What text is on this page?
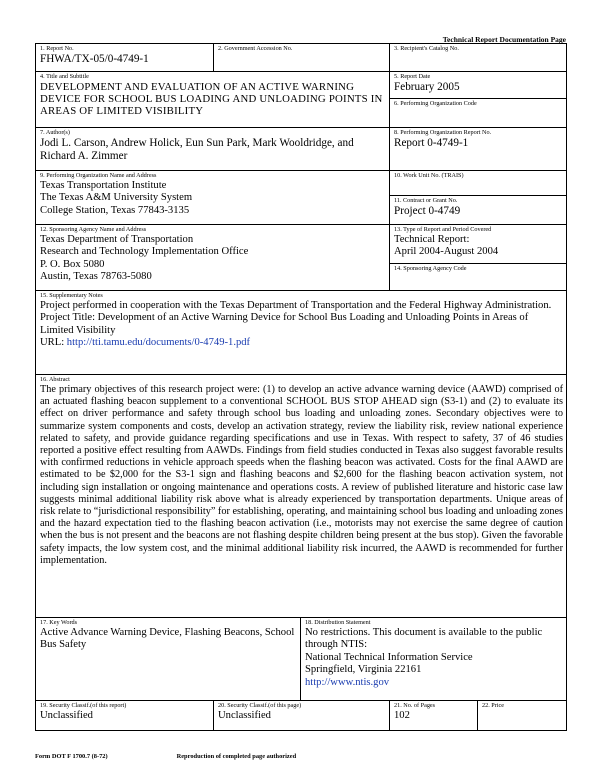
Technical Report Documentation Page
1. Report No.
FHWA/TX-05/0-4749-1
2. Government Accession No.	3. Recipient's Catalog No.
4. Title and Subtitle
DEVELOPMENT AND EVALUATION OF AN ACTIVE WARNING DEVICE FOR SCHOOL BUS LOADING AND UNLOADING POINTS IN AREAS OF LIMITED VISIBILITY
5. Report Date
February 2005
6. Performing Organization Code
7. Author(s)
Jodi L. Carson, Andrew Holick, Eun Sun Park, Mark Wooldridge, and Richard A. Zimmer
8. Performing Organization Report No.
Report 0-4749-1
9. Performing Organization Name and Address
Texas Transportation Institute
The Texas A&M University System
College Station, Texas 77843-3135
10. Work Unit No. (TRAIS)
11. Contract or Grant No.
Project 0-4749
12. Sponsoring Agency Name and Address
Texas Department of Transportation
Research and Technology Implementation Office
P. O. Box 5080
Austin, Texas 78763-5080
13. Type of Report and Period Covered
Technical Report:
April 2004-August 2004
14. Sponsoring Agency Code
15. Supplementary Notes
Project performed in cooperation with the Texas Department of Transportation and the Federal Highway Administration.
Project Title: Development of an Active Warning Device for School Bus Loading and Unloading Points in Areas of Limited Visibility
URL: http://tti.tamu.edu/documents/0-4749-1.pdf
16. Abstract

The primary objectives of this research project were: (1) to develop an active advance warning device (AAWD) comprised of an actuated flashing beacon supplement to a conventional SCHOOL BUS STOP AHEAD sign (S3-1) and (2) to evaluate its effect on driver performance and safety through school bus loading and unloading zones. Secondary objectives were to summarize system components and costs, develop an activation strategy, review the liability risk, review national experience related to safety, and provide guidance regarding specifications and use in Texas. With respect to safety, 37 of 46 studies reported a positive effect resulting from AAWDs. Findings from field studies conducted in Texas also suggest favorable results with confirmed reductions in vehicle approach speeds when the flashing beacon was activated. Costs for the final AAWD are estimated to be $2,000 for the S3-1 sign and flashing beacons and $2,600 for the flashing beacon activation system, not including sign installation or ongoing maintenance and operations costs. A review of published literature and historic case law suggests minimal additional liability risk above what is already experienced by transportation departments. Unique areas of risk relate to “jurisdictional responsibility” for establishing, operating, and maintaining school bus loading and unloading zones and the hazard expectation tied to the flashing beacon activation (i.e., motorists may not exercise the same degree of caution when the bus is not present and the beacons are not flashing despite children being present at the bus stop). Given the favorable safety impacts, the low system cost, and the minimal additional liability risk incurred, the AAWD is recommended for further implementation.

17. Key Words
Active Advance Warning Device, Flashing Beacons, School Bus Safety
18. Distribution Statement
No restrictions. This document is available to the public through NTIS:
National Technical Information Service
Springfield, Virginia 22161
http://www.ntis.gov
19. Security Classif.(of this report)
Unclassified
20. Security Classif.(of this page)
Unclassified
21. No. of Pages
102
22. Price
Form DOT F 1700.7 (8-72)	Reproduction of completed page authorized
